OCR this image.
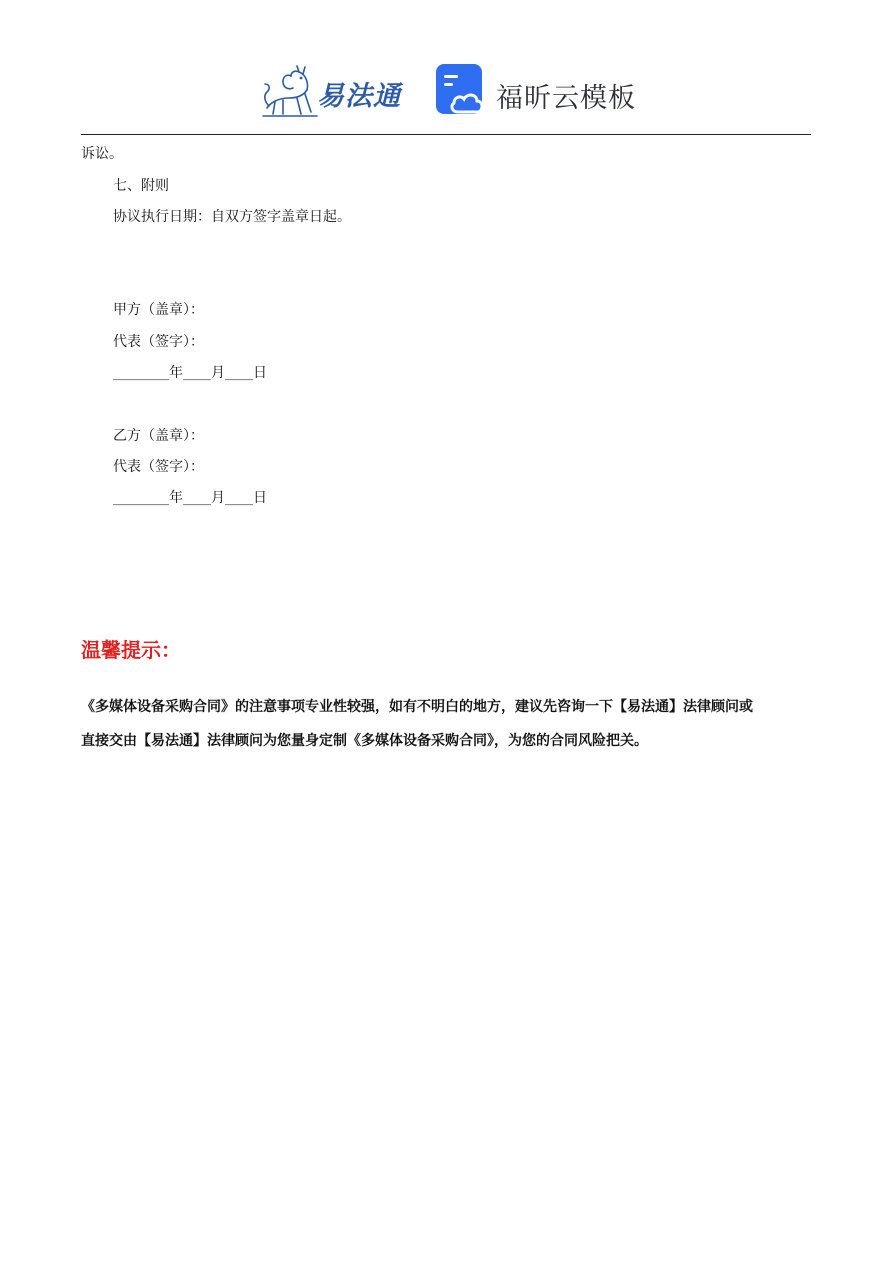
易法通	福昕云模板
诉讼。
七、附则
协议执行日期：自双方签字盖章日起。
甲方（盖章）：
代表（签字）：
________年____月____日
乙方（盖章）：
代表（签字）：
________年____月____日
温馨提示：
《多媒体设备采购合同》的注意事项专业性较强，如有不明白的地方，建议先咨询一下【易法通】法律顾问或
直接交由【易法通】法律顾问为您量身定制《多媒体设备采购合同》，为您的合同风险把关。
